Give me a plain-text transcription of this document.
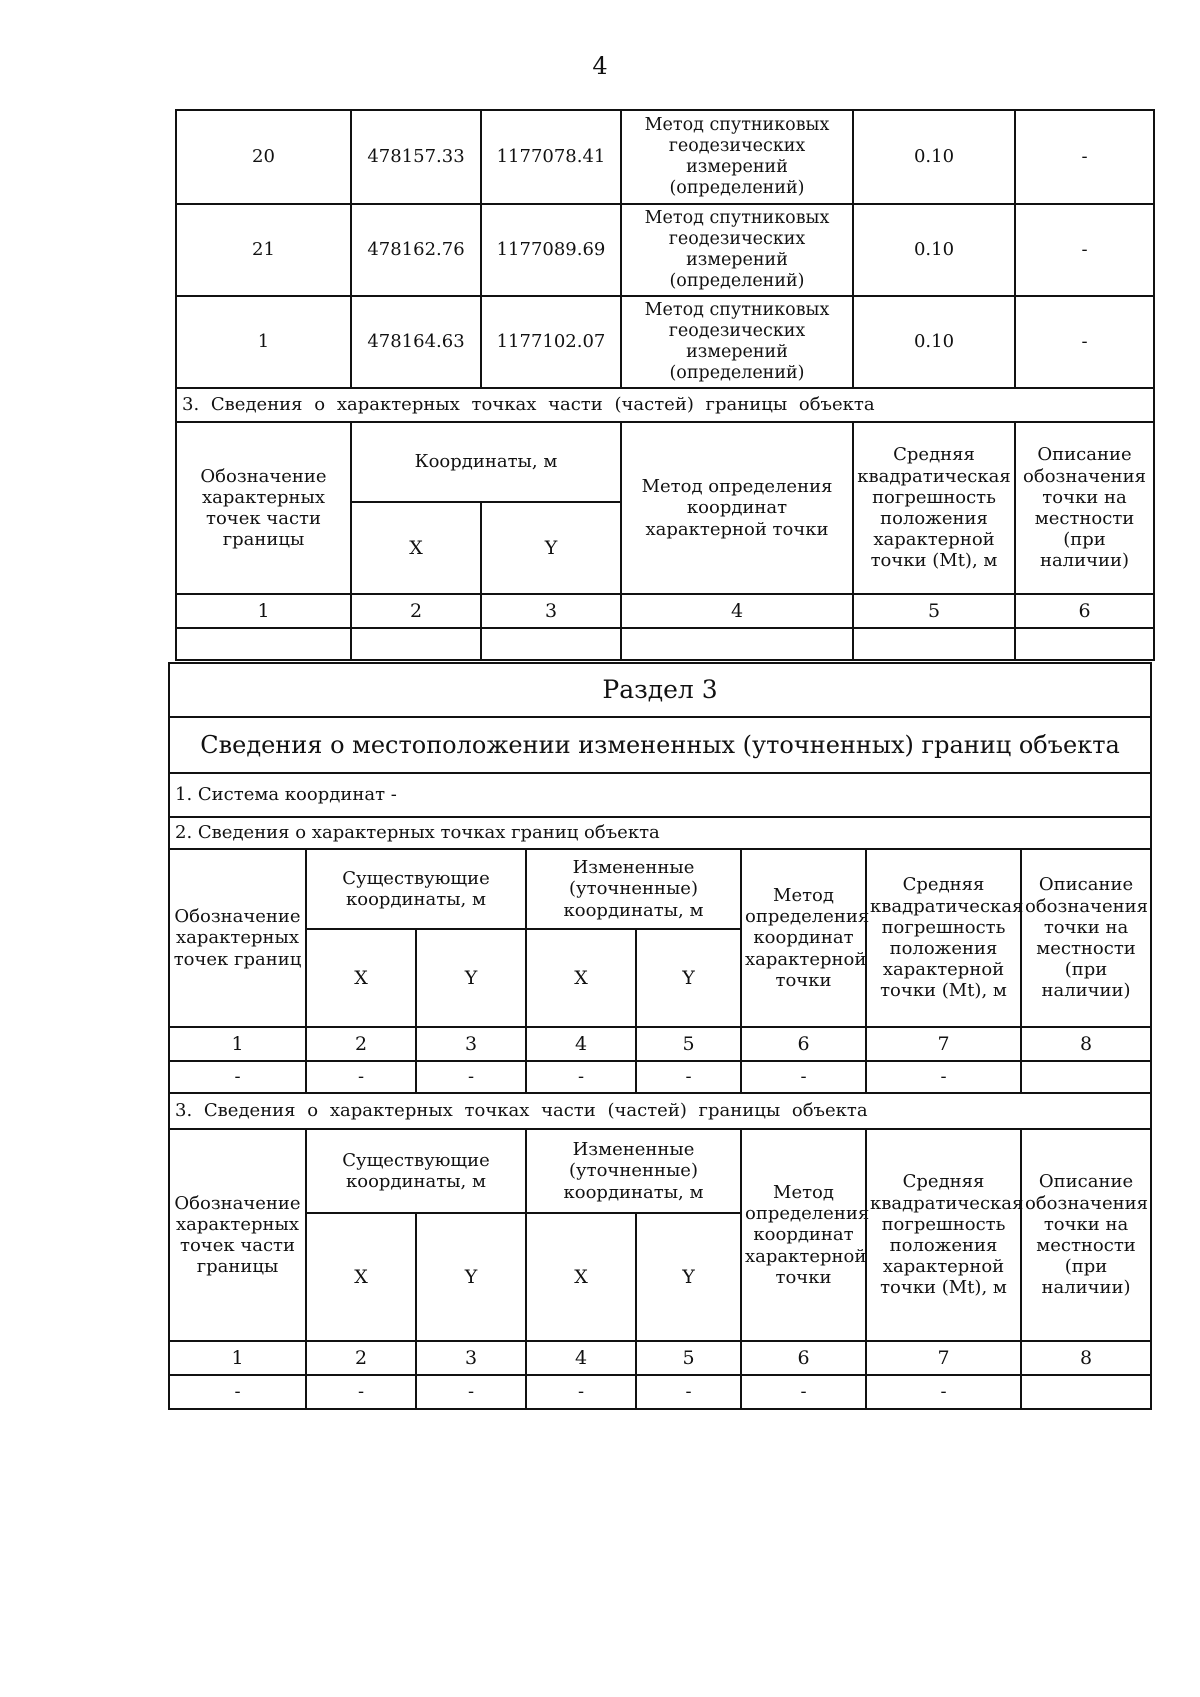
4
20	478157.33	1177078.41	Метод спутниковых геодезических измерений (определений)	0.10	-
21	478162.76	1177089.69	Метод спутниковых геодезических измерений (определений)	0.10	-
1	478164.63	1177102.07	Метод спутниковых геодезических измерений (определений)	0.10	-
3. Сведения о характерных точках части (частей) границы объекта					
Обозначение характерных точек части границы	Координаты, м		Метод определения координат характерной точки	Средняя квадратическая погрешность положения характерной точки (Mt), м	Описание обозначения точки на местности (при наличии)
	X	Y			
1	2	3	4	5	6

Раздел 3							
Сведения о местоположении измененных (уточненных) границ объекта							
1. Система координат -							
2. Сведения о характерных точках границ объекта							
Обозначение характерных точек границ	Существующие координаты, м		Измененные (уточненные) координаты, м		Метод определения координат характерной точки	Средняя квадратическая погрешность положения характерной точки (Mt), м	Описание обозначения точки на местности (при наличии)
	X	Y	X	Y			
1	2	3	4	5	6	7	8
-	-	-	-	-	-	-	
3. Сведения о характерных точках части (частей) границы объекта							
Обозначение характерных точек части границы	Существующие координаты, м		Измененные (уточненные) координаты, м		Метод определения координат характерной точки	Средняя квадратическая погрешность положения характерной точки (Mt), м	Описание обозначения точки на местности (при наличии)
	X	Y	X	Y			
1	2	3	4	5	6	7	8
-	-	-	-	-	-	-	
